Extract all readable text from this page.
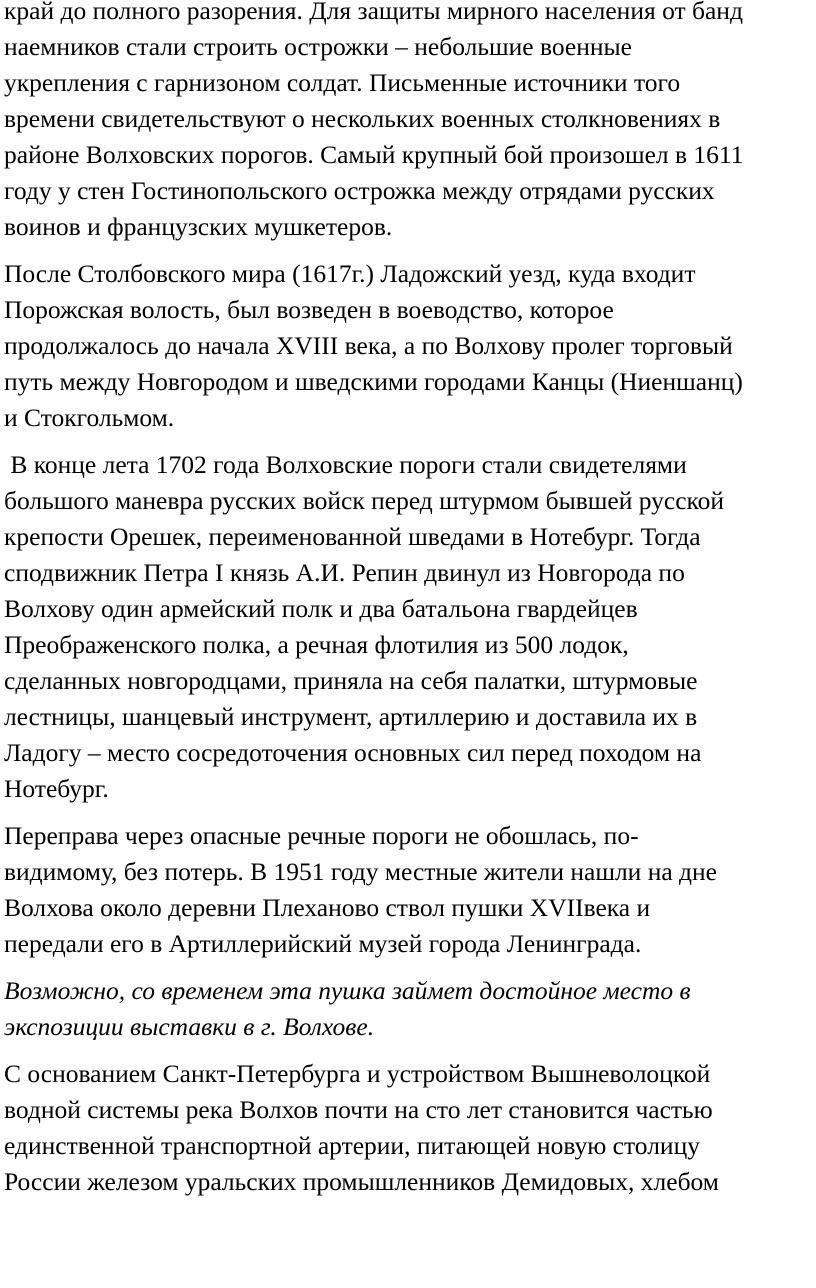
край до полного разорения. Для защиты мирного населения от банд
наемников стали строить острожки – небольшие военные
укрепления с гарнизоном солдат. Письменные источники того
времени свидетельствуют о нескольких военных столкновениях в
районе Волховских порогов. Самый крупный бой произошел в 1611
году у стен Гостинопольского острожка между отрядами русских
воинов и французских мушкетеров.
После Столбовского мира (1617г.) Ладожский уезд, куда входит
Порожская волость, был возведен в воеводство, которое
продолжалось до начала XVIII века, а по Волхову пролег торговый
путь между Новгородом и шведскими городами Канцы (Ниеншанц)
и Стокгольмом.
В конце лета 1702 года Волховские пороги стали свидетелями
большого маневра русских войск перед штурмом бывшей русской
крепости Орешек, переименованной шведами в Нотебург. Тогда
сподвижник Петра I князь А.И. Репин двинул из Новгорода по
Волхову один армейский полк и два батальона гвардейцев
Преображенского полка, а речная флотилия из 500 лодок,
сделанных новгородцами, приняла на себя палатки, штурмовые
лестницы, шанцевый инструмент, артиллерию и доставила их в
Ладогу – место сосредоточения основных сил перед походом на
Нотебург.
Переправа через опасные речные пороги не обошлась, по-
видимому, без потерь. В 1951 году местные жители нашли на дне
Волхова около деревни Плеханово ствол пушки XVIIвека и
передали его в Артиллерийский музей города Ленинграда.
Возможно, со временем эта пушка займет достойное место в
экспозиции выставки в г. Волхове.
С основанием Санкт-Петербурга и устройством Вышневолоцкой
водной системы река Волхов почти на сто лет становится частью
единственной транспортной артерии, питающей новую столицу
России железом уральских промышленников Демидовых, хлебом
